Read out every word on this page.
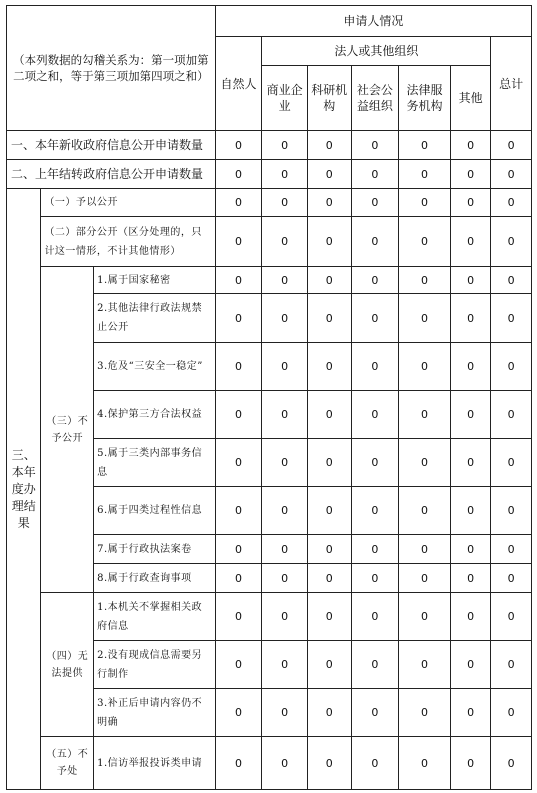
（本列数据的勾稽关系为：第一项加第二项之和，等于第三项加第四项之和）			申请人情况						
			自然人	法人或其他组织					总计
				商业企业	科研机构	社会公益组织	法律服务机构	其他	
一、本年新收政府信息公开申请数量			0	0	0	0	0	0	0
二、上年结转政府信息公开申请数量			0	0	0	0	0	0	0
三、本年度办理结果	（一）予以公开		0	0	0	0	0	0	0
	（二）部分公开（区分处理的，只计这一情形，不计其他情形）		0	0	0	0	0	0	0
	（三）不予公开	1.属于国家秘密	0	0	0	0	0	0	0
		2.其他法律行政法规禁止公开	0	0	0	0	0	0	0
		3.危及“三安全一稳定”	0	0	0	0	0	0	0
		4.保护第三方合法权益	0	0	0	0	0	0	0
		5.属于三类内部事务信息	0	0	0	0	0	0	0
		6.属于四类过程性信息	0	0	0	0	0	0	0
		7.属于行政执法案卷	0	0	0	0	0	0	0
		8.属于行政查询事项	0	0	0	0	0	0	0
	（四）无法提供	1.本机关不掌握相关政府信息	0	0	0	0	0	0	0
		2.没有现成信息需要另行制作	0	0	0	0	0	0	0
		3.补正后申请内容仍不明确	0	0	0	0	0	0	0
	（五）不予处	1.信访举报投诉类申请	0	0	0	0	0	0	0
